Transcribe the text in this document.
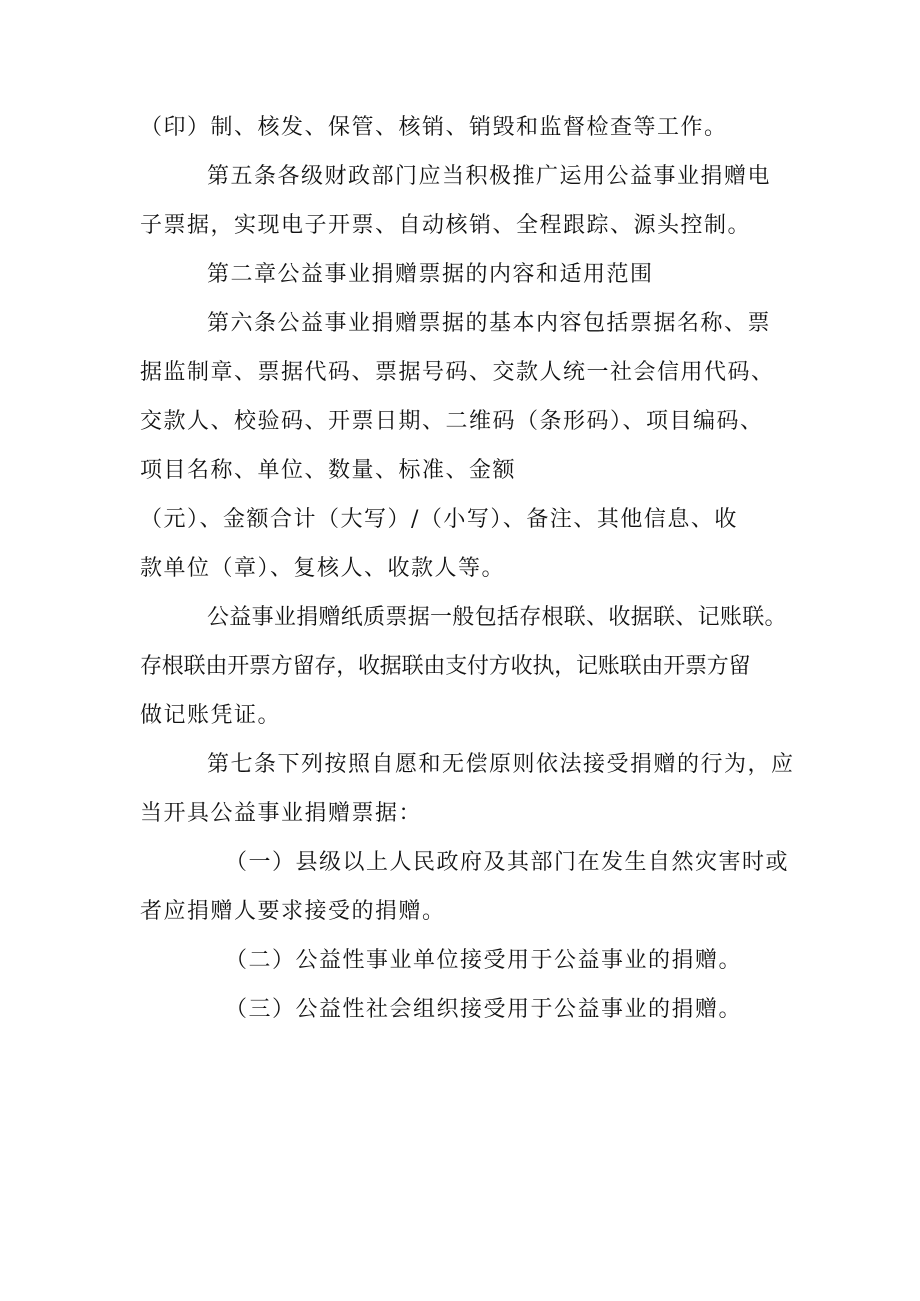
（印）制、核发、保管、核销、销毁和监督检查等工作。
第五条各级财政部门应当积极推广运用公益事业捐赠电
子票据，实现电子开票、自动核销、全程跟踪、源头控制。
第二章公益事业捐赠票据的内容和适用范围
第六条公益事业捐赠票据的基本内容包括票据名称、票
据监制章、票据代码、票据号码、交款人统一社会信用代码、
交款人、校验码、开票日期、二维码（条形码）、项目编码、
项目名称、单位、数量、标准、金额
（元）、金额合计（大写）/（小写）、备注、其他信息、收
款单位（章）、复核人、收款人等。
公益事业捐赠纸质票据一般包括存根联、收据联、记账联。
存根联由开票方留存，收据联由支付方收执，记账联由开票方留
做记账凭证。
第七条下列按照自愿和无偿原则依法接受捐赠的行为，应
当开具公益事业捐赠票据：
（一）县级以上人民政府及其部门在发生自然灾害时或
者应捐赠人要求接受的捐赠。
（二）公益性事业单位接受用于公益事业的捐赠。
（三）公益性社会组织接受用于公益事业的捐赠。
